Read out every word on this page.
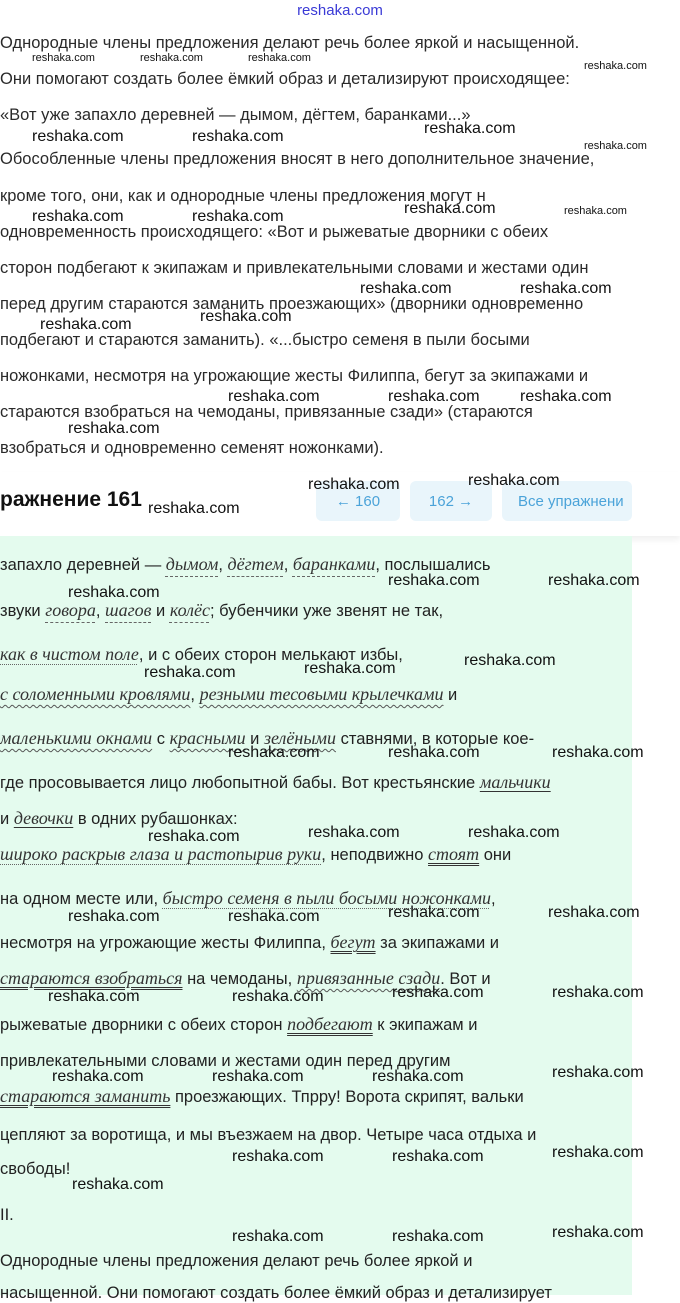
reshaka.com
Однородные члены предложения делают речь более яркой и насыщенной.
Они помогают создать более ёмкий образ и детализируют происходящее:
«Вот уже запахло деревней — дымом, дёгтем, баранками...»
Обособленные члены предложения вносят в него дополнительное значение,
кроме того, они, как и однородные члены предложения могут н
одновременность происходящего: «Вот и рыжеватые дворники с обеих
сторон подбегают к экипажам и привлекательными словами и жестами один
перед другим стараются заманить проезжающих» (дворники одновременно
подбегают и стараются заманить). «...быстро семеня в пыли босыми
ножонками, несмотря на угрожающие жесты Филиппа, бегут за экипажами и
стараются взобраться на чемоданы, привязанные сзади» (стараются
взобраться и одновременно семенят ножонками).
ражнение 161	← 160	162 →	Все упражнени
запахло деревней — дымом, дёгтем, баранками, послышались
звуки говора, шагов и колёс; бубенчики уже звенят не так,
как в чистом поле, и с обеих сторон мелькают избы,
с соломенными кровлями, резными тесовыми крылечками и
маленькими окнами с красными и зелёными ставнями, в которые кое-
где просовывается лицо любопытной бабы. Вот крестьянские мальчики
и девочки в одних рубашонках:
широко раскрыв глаза и растопырив руки, неподвижно стоят они
на одном месте или, быстро семеня в пыли босыми ножонками,
несмотря на угрожающие жесты Филиппа, бегут за экипажами и
стараются взобраться на чемоданы, привязанные сзади. Вот и
рыжеватые дворники с обеих сторон подбегают к экипажам и
привлекательными словами и жестами один перед другим
стараются заманить проезжающих. Тпрру! Ворота скрипят, вальки
цепляют за воротища, и мы въезжаем на двор. Четыре часа отдыха и
свободы!
II.
Однородные члены предложения делают речь более яркой и
насыщенной. Они помогают создать более ёмкий образ и детализирует
reshaka.com	reshaka.com	reshaka.com
reshaka.com
reshaka.com	reshaka.com	reshaka.com
reshaka.com
reshaka.com	reshaka.com	reshaka.com	reshaka.com
reshaka.com	reshaka.com
reshaka.com	reshaka.com
reshaka.com	reshaka.com	reshaka.com
reshaka.com
reshaka.com
reshaka.com
reshaka.com
reshaka.com	reshaka.com
reshaka.com
reshaka.com
reshaka.com	reshaka.com
reshaka.com	reshaka.com	reshaka.com
reshaka.com	reshaka.com	reshaka.com
reshaka.com	reshaka.com	reshaka.com	reshaka.com
reshaka.com	reshaka.com	reshaka.com	reshaka.com
reshaka.com	reshaka.com	reshaka.com	reshaka.com
reshaka.com	reshaka.com	reshaka.com
reshaka.com
reshaka.com	reshaka.com	reshaka.com
